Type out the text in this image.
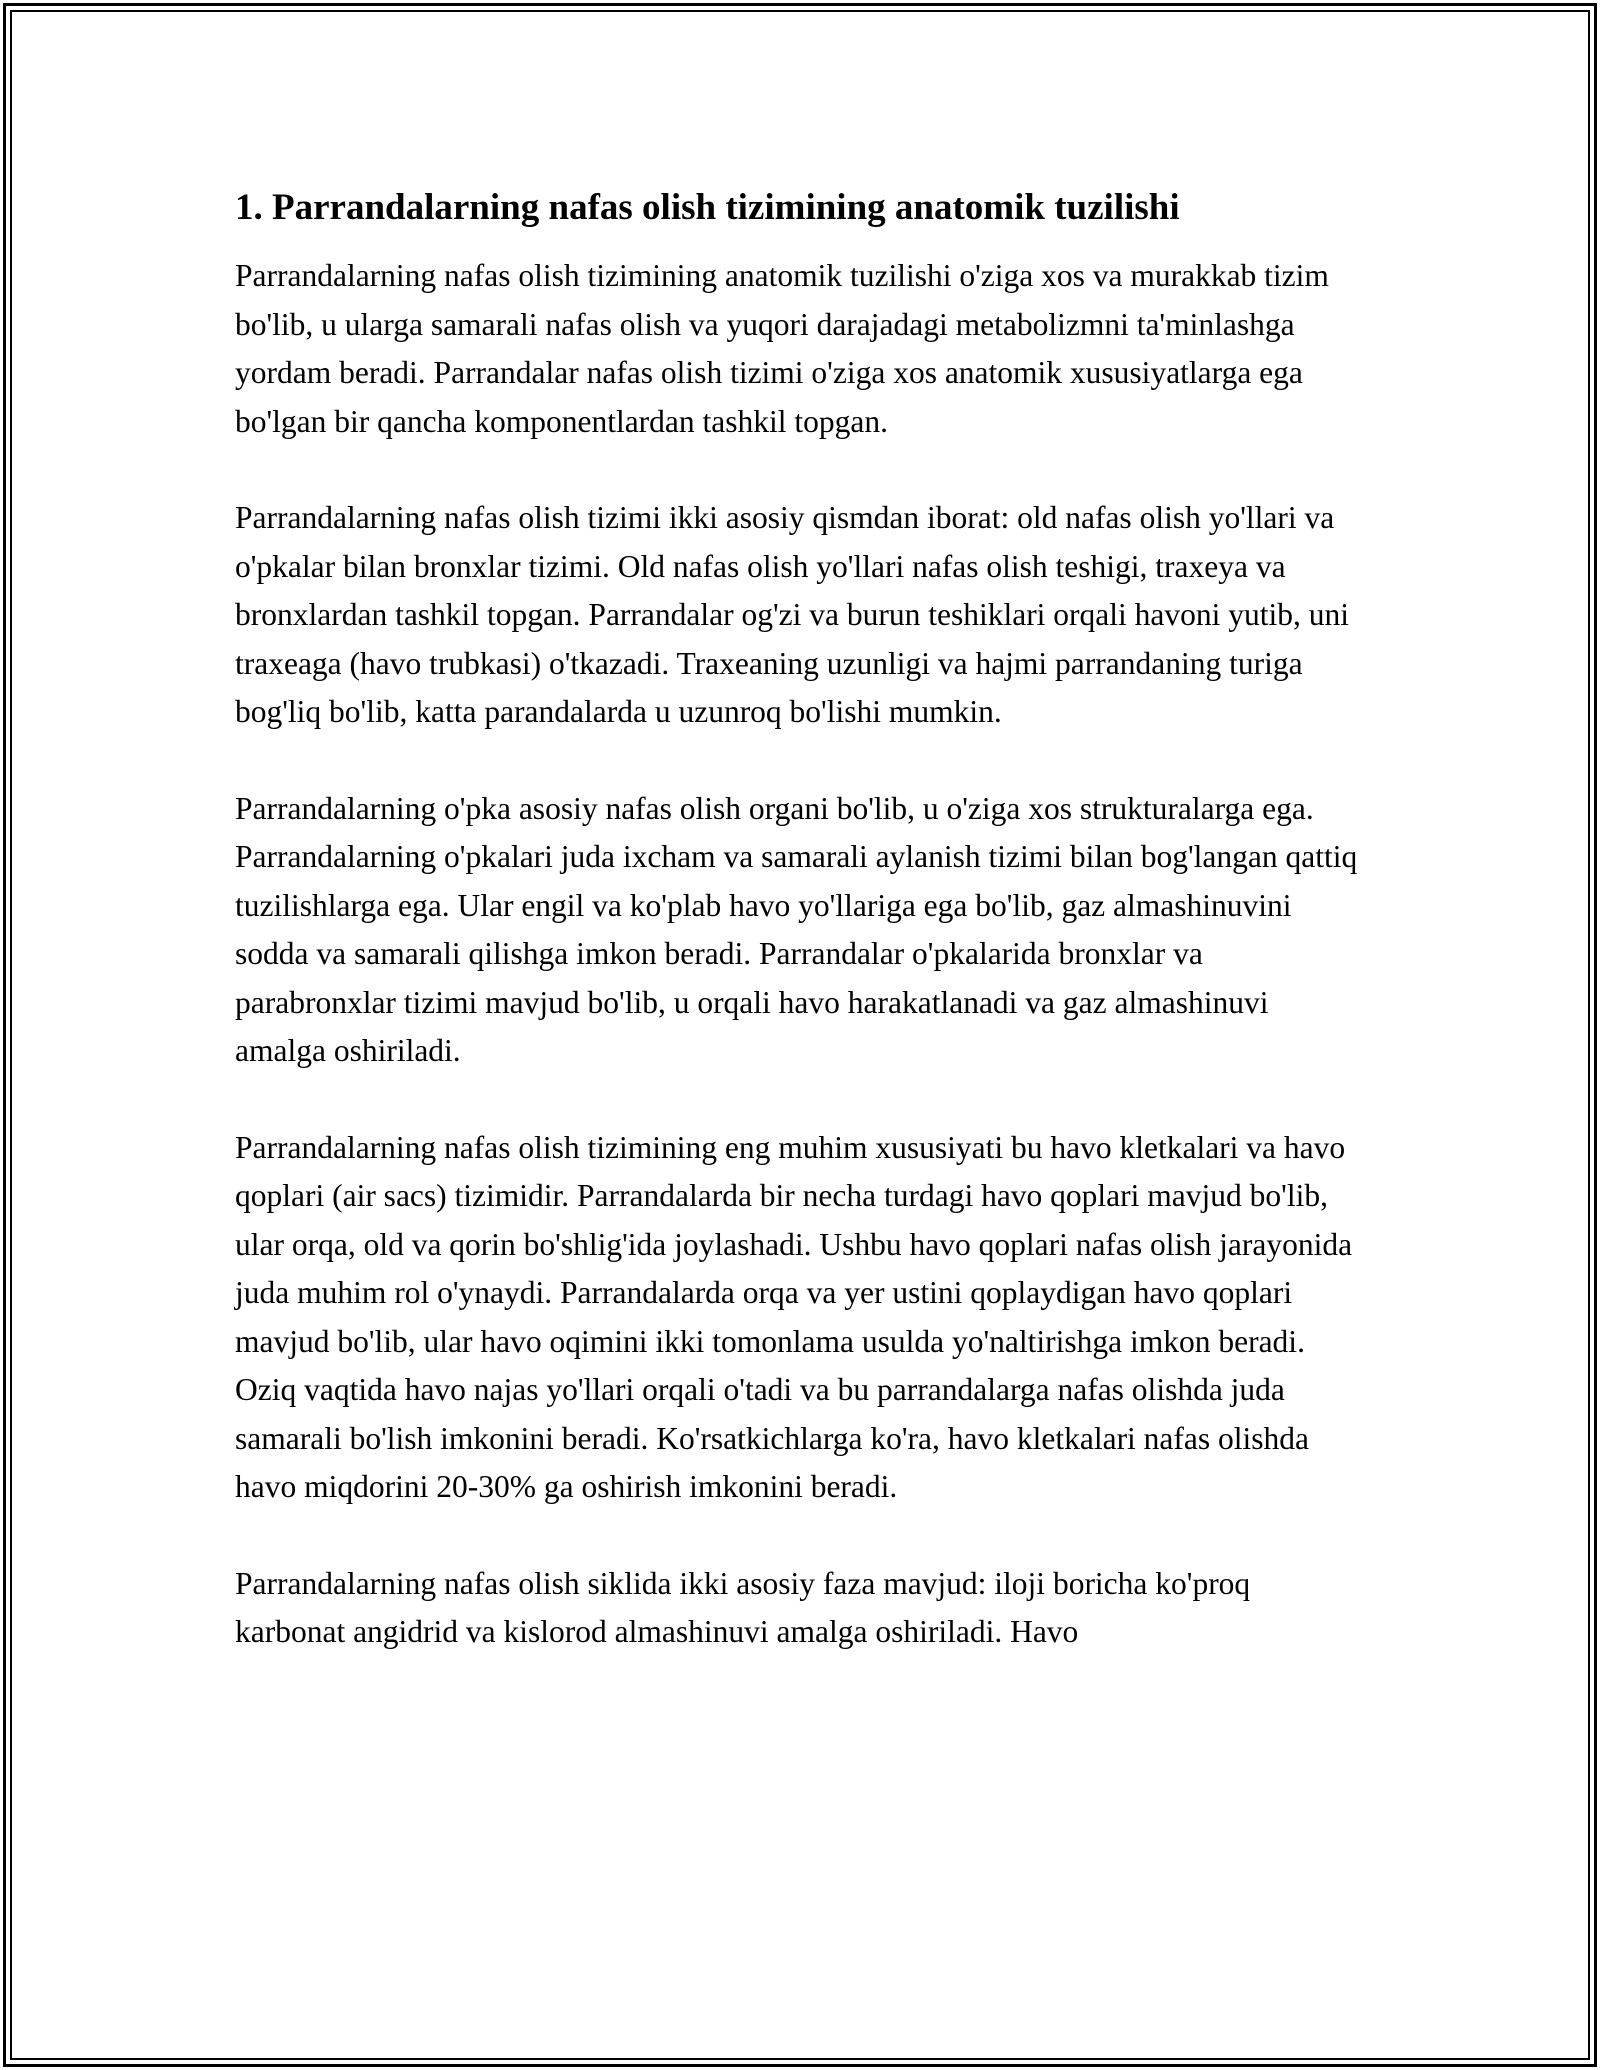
1. Parrandalarning nafas olish tizimining anatomik tuzilishi

Parrandalarning nafas olish tizimining anatomik tuzilishi o'ziga xos va murakkab tizim bo'lib, u ularga samarali nafas olish va yuqori darajadagi metabolizmni ta'minlashga yordam beradi. Parrandalar nafas olish tizimi o'ziga xos anatomik xususiyatlarga ega bo'lgan bir qancha komponentlardan tashkil topgan.

Parrandalarning nafas olish tizimi ikki asosiy qismdan iborat: old nafas olish yo'llari va o'pkalar bilan bronxlar tizimi. Old nafas olish yo'llari nafas olish teshigi, traxeya va bronxlardan tashkil topgan. Parrandalar og'zi va burun teshiklari orqali havoni yutib, uni traxeaga (havo trubkasi) o'tkazadi. Traxeaning uzunligi va hajmi parrandaning turiga bog'liq bo'lib, katta parandalarda u uzunroq bo'lishi mumkin.

Parrandalarning o'pka asosiy nafas olish organi bo'lib, u o'ziga xos strukturalarga ega. Parrandalarning o'pkalari juda ixcham va samarali aylanish tizimi bilan bog'langan qattiq tuzilishlarga ega. Ular engil va ko'plab havo yo'llariga ega bo'lib, gaz almashinuvini sodda va samarali qilishga imkon beradi. Parrandalar o'pkalarida bronxlar va parabronxlar tizimi mavjud bo'lib, u orqali havo harakatlanadi va gaz almashinuvi amalga oshiriladi.

Parrandalarning nafas olish tizimining eng muhim xususiyati bu havo kletkalari va havo qoplari (air sacs) tizimidir. Parrandalarda bir necha turdagi havo qoplari mavjud bo'lib, ular orqa, old va qorin bo'shlig'ida joylashadi. Ushbu havo qoplari nafas olish jarayonida juda muhim rol o'ynaydi. Parrandalarda orqa va yer ustini qoplaydigan havo qoplari mavjud bo'lib, ular havo oqimini ikki tomonlama usulda yo'naltirishga imkon beradi. Oziq vaqtida havo najas yo'llari orqali o'tadi va bu parrandalarga nafas olishda juda samarali bo'lish imkonini beradi. Ko'rsatkichlarga ko'ra, havo kletkalari nafas olishda havo miqdorini 20-30% ga oshirish imkonini beradi.

Parrandalarning nafas olish siklida ikki asosiy faza mavjud: iloji boricha ko'proq karbonat angidrid va kislorod almashinuvi amalga oshiriladi. Havo
